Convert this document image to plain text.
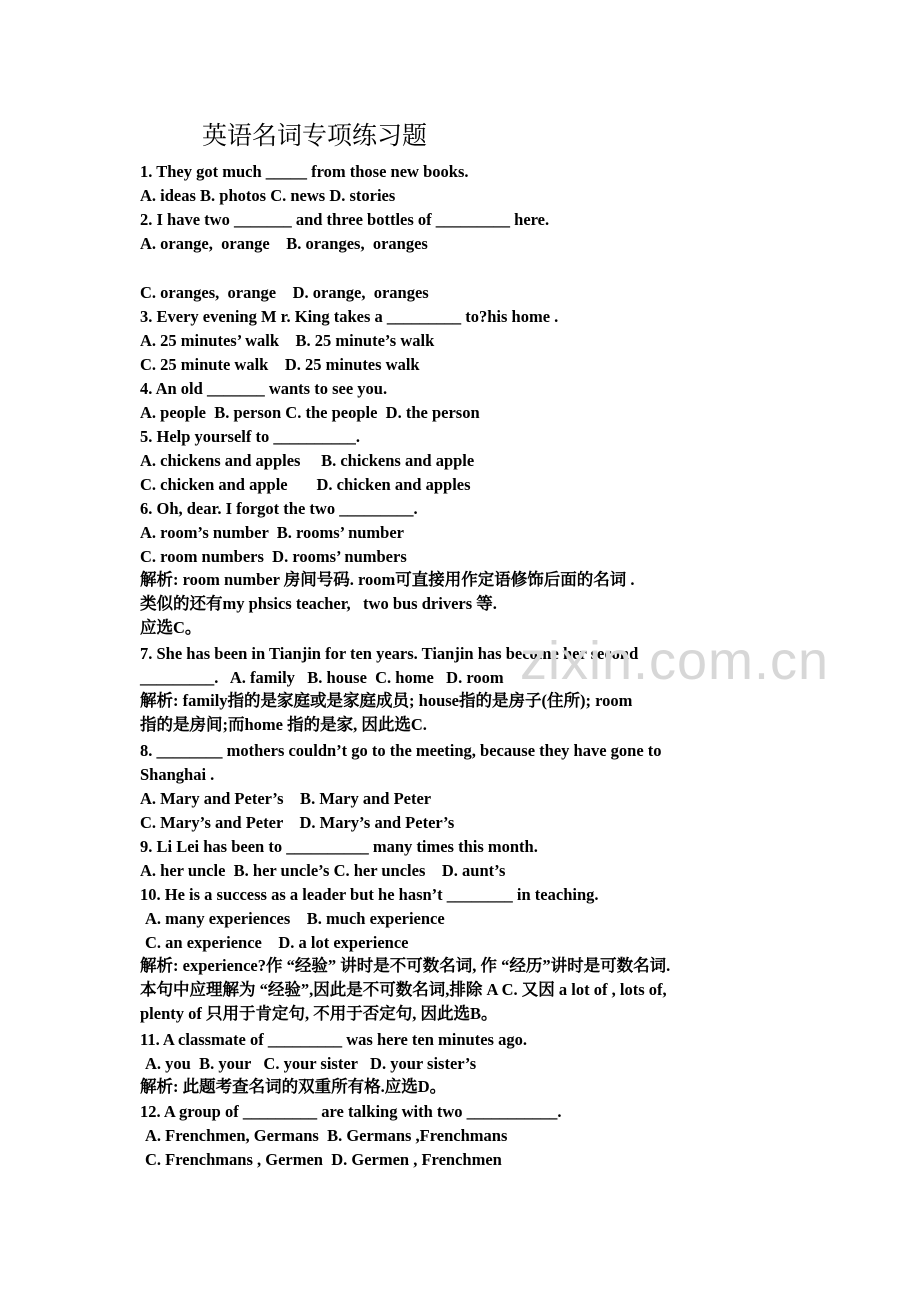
英语名词专项练习题
1. They got much _____ from those new books.
A. ideas B. photos C. news D. stories
2. I have two _______ and three bottles of _________ here.
A. orange,  orange    B. oranges,  oranges
C. oranges,  orange    D. orange,  oranges
3. Every evening M r. King takes a _________ to?his home .
A. 25 minutes’ walk    B. 25 minute’s walk
C. 25 minute walk    D. 25 minutes walk
4. An old _______ wants to see you.
A. people  B. person C. the people  D. the person
5. Help yourself to __________.
A. chickens and apples     B. chickens and apple
C. chicken and apple       D. chicken and apples
6. Oh, dear. I forgot the two _________.
A. room’s number  B. rooms’ number
C. room numbers  D. rooms’ numbers
解析: room number 房间号码. room可直接用作定语修饰后面的名词 .
类似的还有my phsics teacher,   two bus drivers 等.
应选C。
7. She has been in Tianjin for ten years. Tianjin has become her second
_________.   A. family   B. house  C. home   D. room
解析: family指的是家庭或是家庭成员; house指的是房子(住所); room
指的是房间;而home 指的是家, 因此选C.
8. ________ mothers couldn’t go to the meeting, because they have gone to
Shanghai .
A. Mary and Peter’s    B. Mary and Peter
C. Mary’s and Peter    D. Mary’s and Peter’s
9. Li Lei has been to __________ many times this month.
A. her uncle  B. her uncle’s C. her uncles    D. aunt’s
10. He is a success as a leader but he hasn’t ________ in teaching.
A. many experiences    B. much experience
C. an experience    D. a lot experience
解析: experience?作 “经验” 讲时是不可数名词, 作 “经历”讲时是可数名词.
本句中应理解为 “经验”,因此是不可数名词,排除 A C. 又因 a lot of , lots of,
plenty of 只用于肯定句, 不用于否定句, 因此选B。
11. A classmate of _________ was here ten minutes ago.
A. you  B. your   C. your sister   D. your sister’s
解析: 此题考查名词的双重所有格.应选D。
12. A group of _________ are talking with two ___________.
A. Frenchmen, Germans  B. Germans ,Frenchmans
C. Frenchmans , Germen  D. Germen , Frenchmen
zixin.com.cn
